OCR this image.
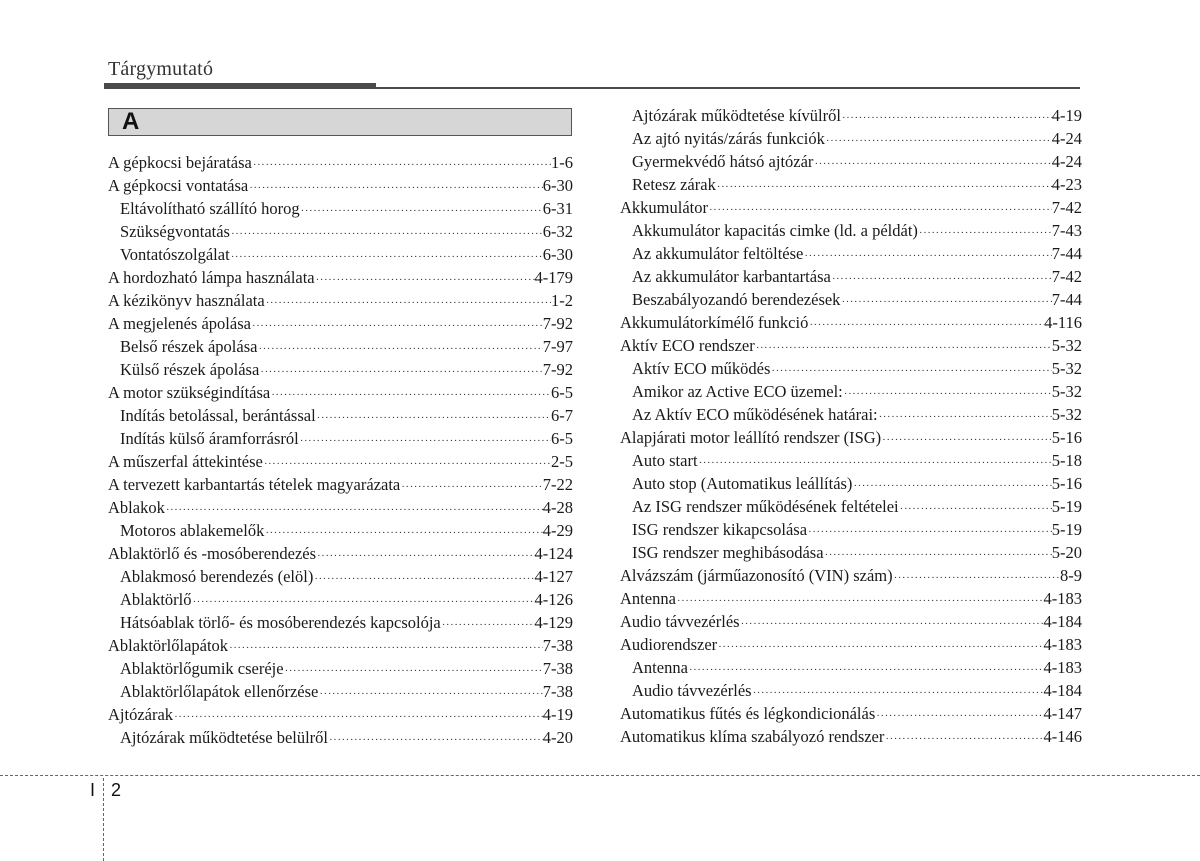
Tárgymutató
A
A gépkocsi bejáratása ·····	1-6
A gépkocsi vontatása ·····	6-30
Eltávolítható szállító horog ·····	6-31
Szükségvontatás ·····	6-32
Vontatószolgálat ·····	6-30
A hordozható lámpa használata ·····	4-179
A kézikönyv használata ·····	1-2
A megjelenés ápolása ·····	7-92
Belső részek ápolása ·····	7-97
Külső részek ápolása ·····	7-92
A motor szükségindítása ·····	6-5
Indítás betolással, berántással ·····	6-7
Indítás külső áramforrásról ·····	6-5
A műszerfal áttekintése ·····	2-5
A tervezett karbantartás tételek magyarázata ·····	7-22
Ablakok ·····	4-28
Motoros ablakemelők ·····	4-29
Ablaktörlő és -mosóberendezés ·····	4-124
Ablakmosó berendezés (elöl) ·····	4-127
Ablaktörlő ·····	4-126
Hátsóablak törlő- és mosóberendezés kapcsolója ·····	4-129
Ablaktörlőlapátok ·····	7-38
Ablaktörlőgumik cseréje ·····	7-38
Ablaktörlőlapátok ellenőrzése ·····	7-38
Ajtózárak ·····	4-19
Ajtózárak működtetése belülről ·····	4-20
Ajtózárak működtetése kívülről ·····	4-19
Az ajtó nyitás/zárás funkciók ·····	4-24
Gyermekvédő hátsó ajtózár ·····	4-24
Retesz zárak ·····	4-23
Akkumulátor ·····	7-42
Akkumulátor kapacitás cimke (ld. a példát) ·····	7-43
Az akkumulátor feltöltése ·····	7-44
Az akkumulátor karbantartása ·····	7-42
Beszabályozandó berendezések ·····	7-44
Akkumulátorkímélő funkció ·····	4-116
Aktív ECO rendszer ·····	5-32
Aktív ECO működés ·····	5-32
Amikor az Active ECO üzemel: ·····	5-32
Az Aktív ECO működésének határai: ·····	5-32
Alapjárati motor leállító rendszer (ISG) ·····	5-16
Auto start ·····	5-18
Auto stop (Automatikus leállítás) ·····	5-16
Az ISG rendszer működésének feltételei ·····	5-19
ISG rendszer kikapcsolása ·····	5-19
ISG rendszer meghibásodása ·····	5-20
Alvázszám (járműazonosító (VIN) szám) ·····	8-9
Antenna ·····	4-183
Audio távvezérlés ·····	4-184
Audiorendszer ·····	4-183
Antenna ·····	4-183
Audio távvezérlés ·····	4-184
Automatikus fűtés és légkondicionálás ·····	4-147
Automatikus klíma szabályozó rendszer ·····	4-146
I 2
